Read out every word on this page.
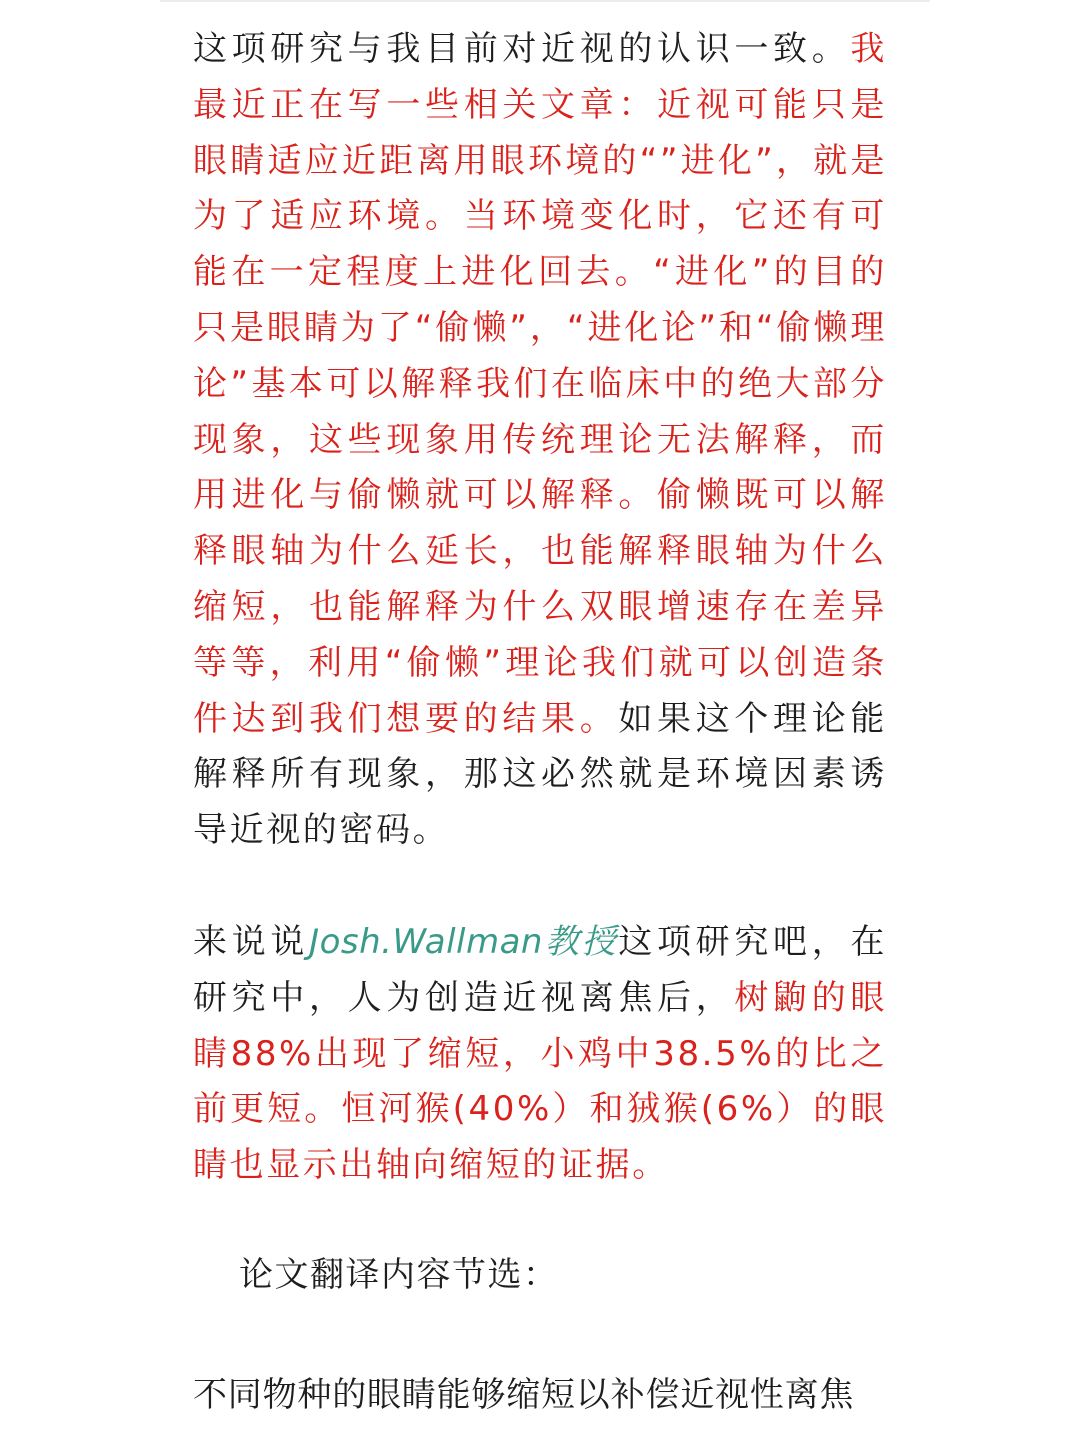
这项研究与我目前对近视的认识一致。我最近正在写一些相关文章：近视可能只是眼睛适应近距离用眼环境的“”进化”，就是为了适应环境。当环境变化时，它还有可能在一定程度上进化回去。“进化”的目的只是眼睛为了“偷懒”，“进化论”和“偷懒理论”基本可以解释我们在临床中的绝大部分现象，这些现象用传统理论无法解释，而用进化与偷懒就可以解释。偷懒既可以解释眼轴为什么延长，也能解释眼轴为什么缩短，也能解释为什么双眼增速存在差异等等，利用“偷懒”理论我们就可以创造条件达到我们想要的结果。如果这个理论能解释所有现象，那这必然就是环境因素诱导近视的密码。

来说说Josh.Wallman教授这项研究吧，在研究中，人为创造近视离焦后，树鼩的眼睛88%出现了缩短，小鸡中38.5%的比之前更短。恒河猴(40%）和狨猴(6%）的眼睛也显示出轴向缩短的证据。

论文翻译内容节选：

不同物种的眼睛能够缩短以补偿近视性离焦
